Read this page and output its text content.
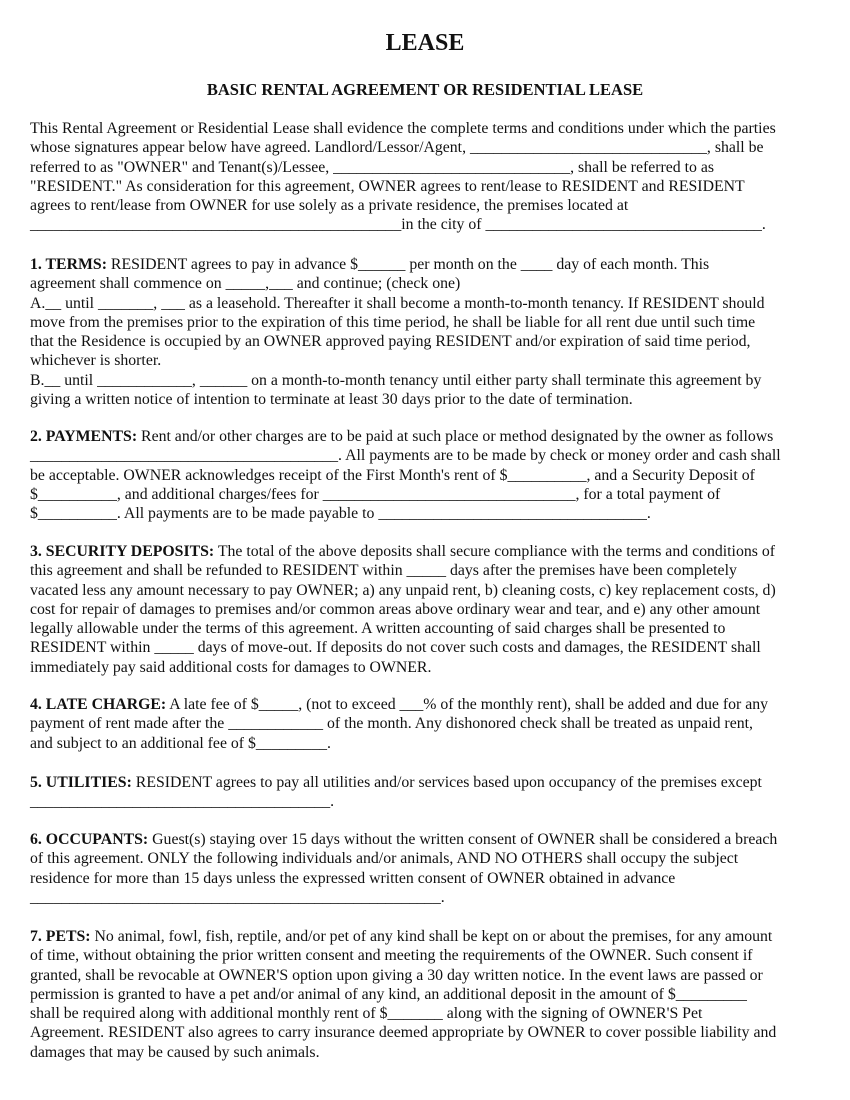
LEASE
BASIC RENTAL AGREEMENT OR RESIDENTIAL LEASE
This Rental Agreement or Residential Lease shall evidence the complete terms and conditions under which the parties
whose signatures appear below have agreed. Landlord/Lessor/Agent, ______________________________, shall be
referred to as "OWNER" and Tenant(s)/Lessee, ______________________________, shall be referred to as
"RESIDENT." As consideration for this agreement, OWNER agrees to rent/lease to RESIDENT and RESIDENT
agrees to rent/lease from OWNER for use solely as a private residence, the premises located at
_______________________________________________in the city of ___________________________________.
1. TERMS: RESIDENT agrees to pay in advance $______ per month on the ____ day of each month. This
agreement shall commence on _____,___ and continue; (check one)
A.__ until _______, ___ as a leasehold. Thereafter it shall become a month-to-month tenancy. If RESIDENT should
move from the premises prior to the expiration of this time period, he shall be liable for all rent due until such time
that the Residence is occupied by an OWNER approved paying RESIDENT and/or expiration of said time period,
whichever is shorter.
B.__ until ____________, ______ on a month-to-month tenancy until either party shall terminate this agreement by
giving a written notice of intention to terminate at least 30 days prior to the date of termination.
2. PAYMENTS: Rent and/or other charges are to be paid at such place or method designated by the owner as follows
_______________________________________. All payments are to be made by check or money order and cash shall
be acceptable. OWNER acknowledges receipt of the First Month's rent of $__________, and a Security Deposit of
$__________, and additional charges/fees for ________________________________, for a total payment of
$__________. All payments are to be made payable to __________________________________.
3. SECURITY DEPOSITS: The total of the above deposits shall secure compliance with the terms and conditions of
this agreement and shall be refunded to RESIDENT within _____ days after the premises have been completely
vacated less any amount necessary to pay OWNER; a) any unpaid rent, b) cleaning costs, c) key replacement costs, d)
cost for repair of damages to premises and/or common areas above ordinary wear and tear, and e) any other amount
legally allowable under the terms of this agreement. A written accounting of said charges shall be presented to
RESIDENT within _____ days of move-out. If deposits do not cover such costs and damages, the RESIDENT shall
immediately pay said additional costs for damages to OWNER.
4. LATE CHARGE: A late fee of $_____, (not to exceed ___% of the monthly rent), shall be added and due for any
payment of rent made after the ____________ of the month. Any dishonored check shall be treated as unpaid rent,
and subject to an additional fee of $_________.
5. UTILITIES: RESIDENT agrees to pay all utilities and/or services based upon occupancy of the premises except
______________________________________.
6. OCCUPANTS: Guest(s) staying over 15 days without the written consent of OWNER shall be considered a breach
of this agreement. ONLY the following individuals and/or animals, AND NO OTHERS shall occupy the subject
residence for more than 15 days unless the expressed written consent of OWNER obtained in advance
____________________________________________________.
7. PETS: No animal, fowl, fish, reptile, and/or pet of any kind shall be kept on or about the premises, for any amount
of time, without obtaining the prior written consent and meeting the requirements of the OWNER. Such consent if
granted, shall be revocable at OWNER'S option upon giving a 30 day written notice. In the event laws are passed or
permission is granted to have a pet and/or animal of any kind, an additional deposit in the amount of $_________
shall be required along with additional monthly rent of $_______ along with the signing of OWNER'S Pet
Agreement. RESIDENT also agrees to carry insurance deemed appropriate by OWNER to cover possible liability and
damages that may be caused by such animals.
